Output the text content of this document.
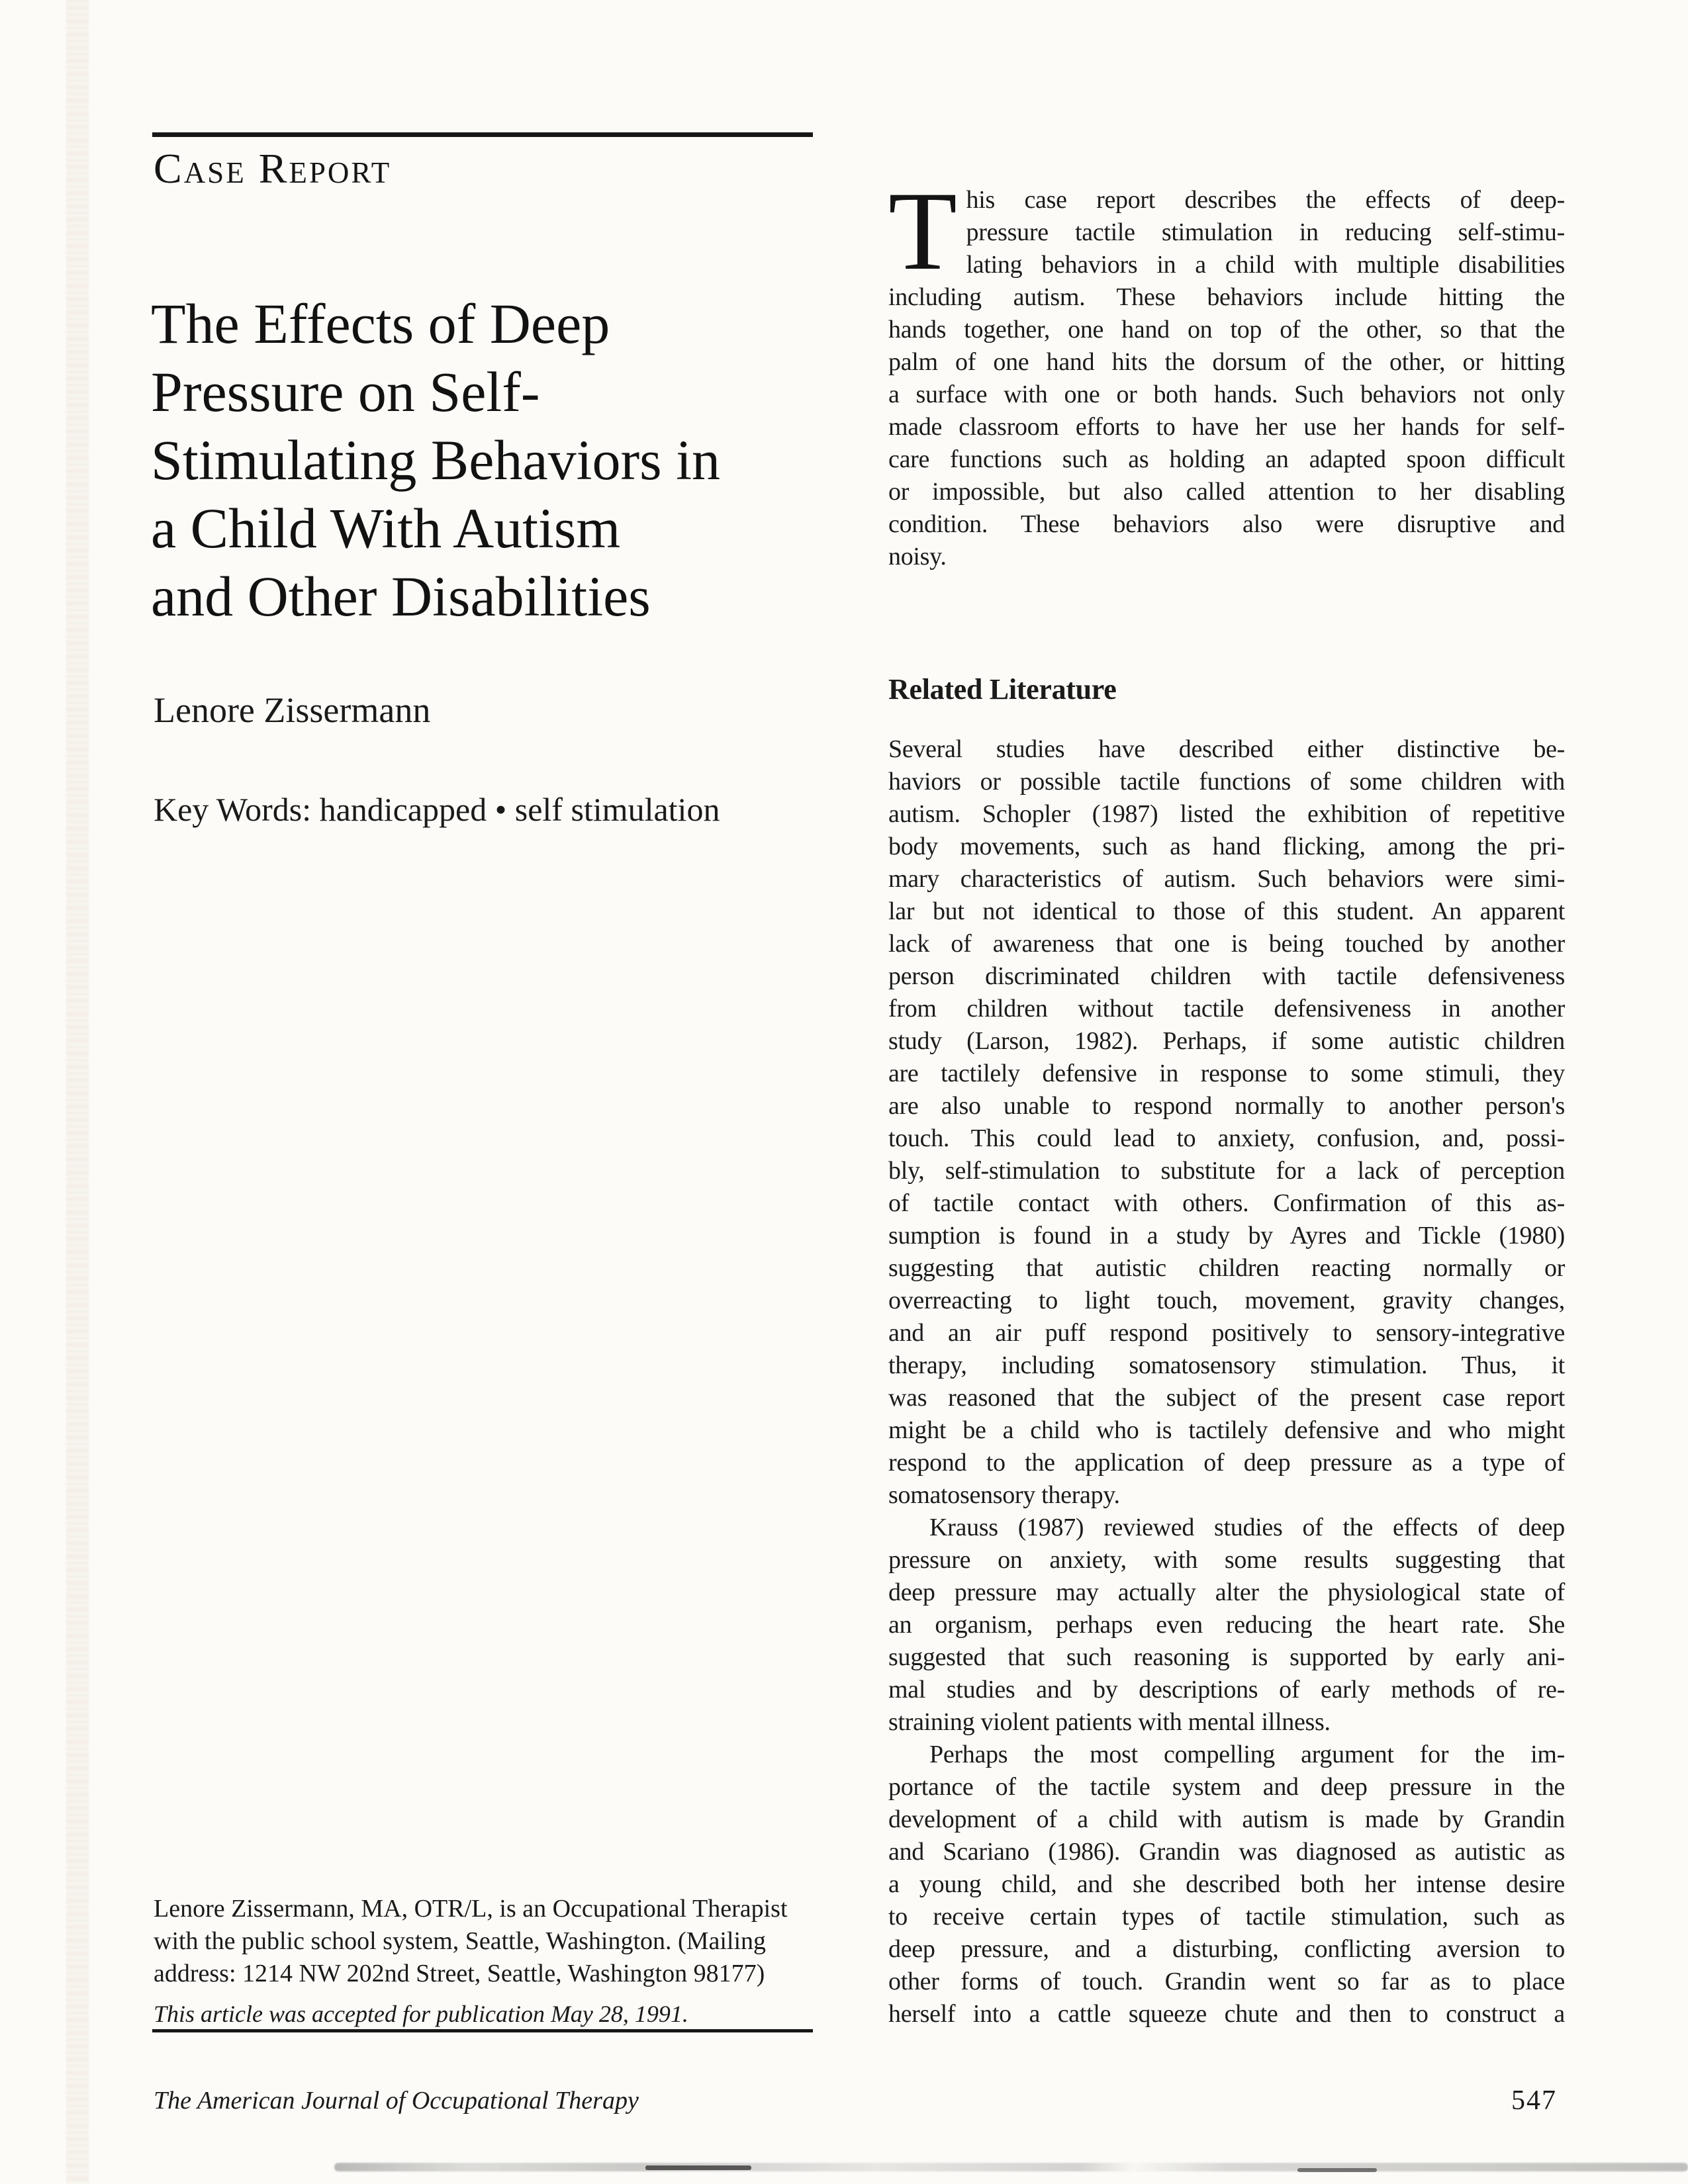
Case Report
The Effects of Deep
Pressure on Self-
Stimulating Behaviors in
a Child With Autism
and Other Disabilities
Lenore Zissermann
Key Words: handicapped • self stimulation
T his case report describes the effects of deep-
pressure tactile stimulation in reducing self-stimu-
lating behaviors in a child with multiple disabilities
including autism. These behaviors include hitting the
hands together, one hand on top of the other, so that the
palm of one hand hits the dorsum of the other, or hitting
a surface with one or both hands. Such behaviors not only
made classroom efforts to have her use her hands for self-
care functions such as holding an adapted spoon difficult
or impossible, but also called attention to her disabling
condition. These behaviors also were disruptive and
noisy.
Related Literature
Several studies have described either distinctive be-
haviors or possible tactile functions of some children with
autism. Schopler (1987) listed the exhibition of repetitive
body movements, such as hand flicking, among the pri-
mary characteristics of autism. Such behaviors were simi-
lar but not identical to those of this student. An apparent
lack of awareness that one is being touched by another
person discriminated children with tactile defensiveness
from children without tactile defensiveness in another
study (Larson, 1982). Perhaps, if some autistic children
are tactilely defensive in response to some stimuli, they
are also unable to respond normally to another person's
touch. This could lead to anxiety, confusion, and, possi-
bly, self-stimulation to substitute for a lack of perception
of tactile contact with others. Confirmation of this as-
sumption is found in a study by Ayres and Tickle (1980)
suggesting that autistic children reacting normally or
overreacting to light touch, movement, gravity changes,
and an air puff respond positively to sensory-integrative
therapy, including somatosensory stimulation. Thus, it
was reasoned that the subject of the present case report
might be a child who is tactilely defensive and who might
respond to the application of deep pressure as a type of
somatosensory therapy.
Krauss (1987) reviewed studies of the effects of deep
pressure on anxiety, with some results suggesting that
deep pressure may actually alter the physiological state of
an organism, perhaps even reducing the heart rate. She
suggested that such reasoning is supported by early ani-
mal studies and by descriptions of early methods of re-
straining violent patients with mental illness.
Perhaps the most compelling argument for the im-
portance of the tactile system and deep pressure in the
development of a child with autism is made by Grandin
and Scariano (1986). Grandin was diagnosed as autistic as
a young child, and she described both her intense desire
to receive certain types of tactile stimulation, such as
deep pressure, and a disturbing, conflicting aversion to
other forms of touch. Grandin went so far as to place
herself into a cattle squeeze chute and then to construct a
Lenore Zissermann, MA, OTR/L, is an Occupational Therapist
with the public school system, Seattle, Washington. (Mailing
address: 1214 NW 202nd Street, Seattle, Washington 98177)
This article was accepted for publication May 28, 1991.
The American Journal of Occupational Therapy	547
